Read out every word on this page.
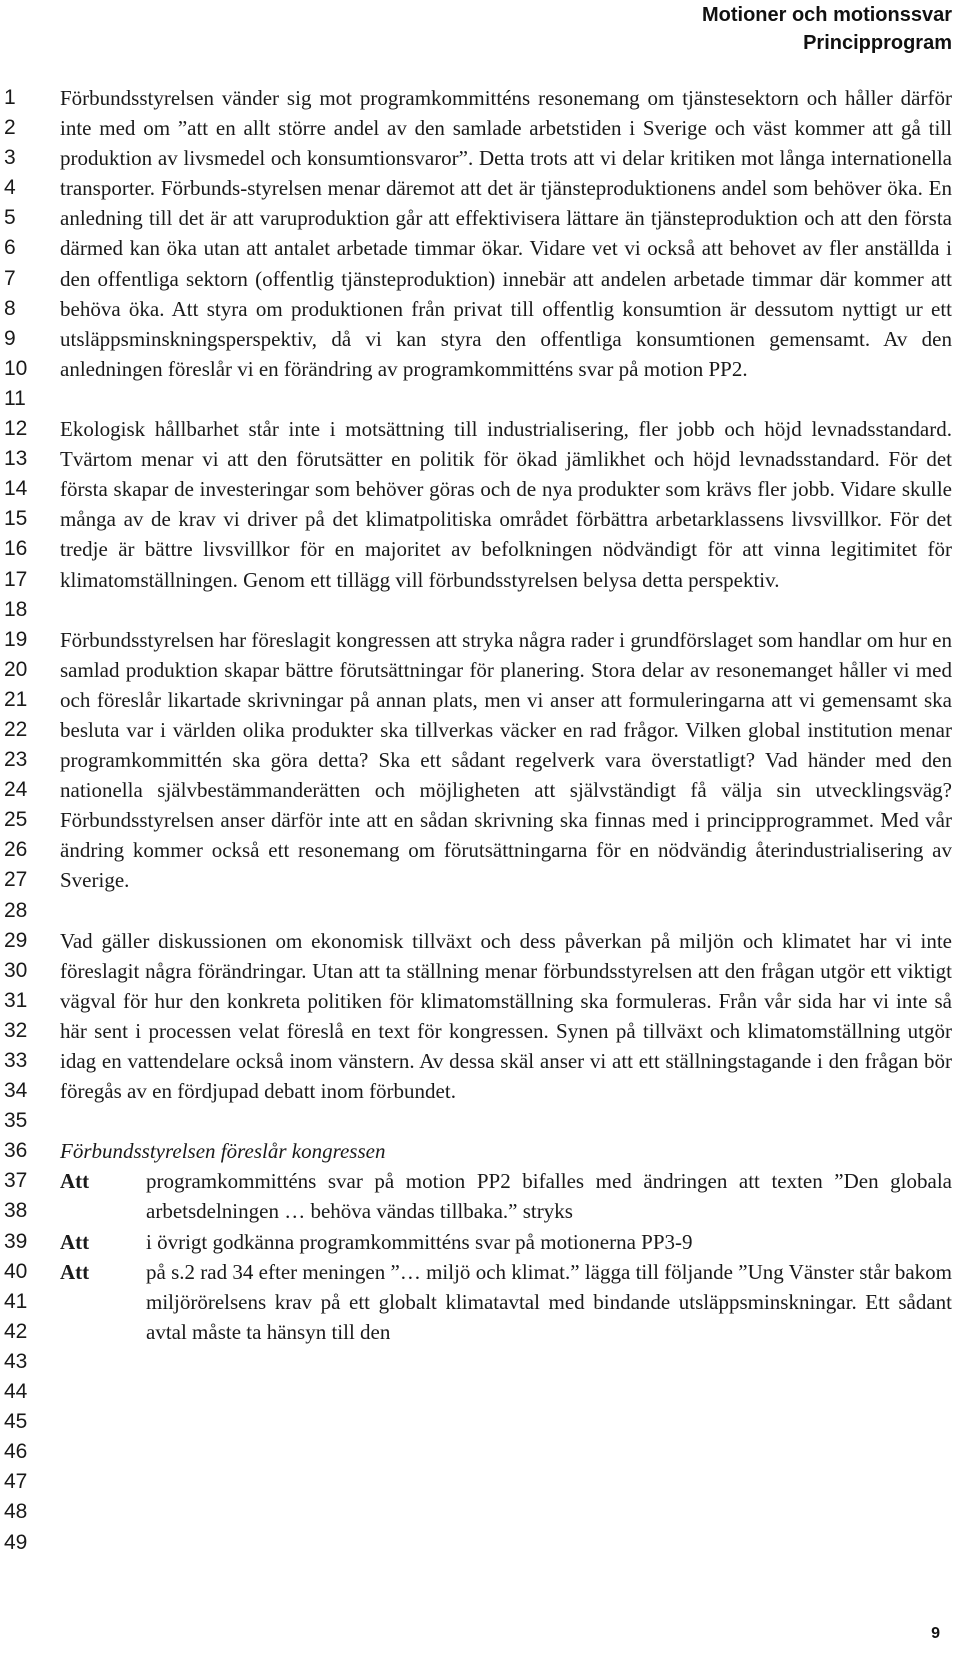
Motioner och motionssvar
Principprogram
1
2
3
4
5
6
7
8
9
10
11
12
13
14
15
16
17
18
19
20
21
22
23
24
25
26
27
28
29
30
31
32
33
34
35
36
37
38
39
40
41
42
43
44
45
46
47
48
49

Förbundsstyrelsen vänder sig mot programkommitténs resonemang om tjänstesektorn och håller därför inte med om ”att en allt större andel av den samlade arbetstiden i Sverige och väst kommer att gå till produktion av livsmedel och konsumtionsvaror”. Detta trots att vi delar kritiken mot långa internationella transporter. Förbunds-styrelsen menar däremot att det är tjänsteproduktionens andel som behöver öka. En anledning till det är att varuproduktion går att effektivisera lättare än tjänsteproduktion och att den första därmed kan öka utan att antalet arbetade timmar ökar. Vidare vet vi också att behovet av fler anställda i den offentliga sektorn (offentlig tjänsteproduktion) innebär att andelen arbetade timmar där kommer att behöva öka. Att styra om produktionen från privat till offentlig konsumtion är dessutom nyttigt ur ett utsläppsminskningsperspektiv, då vi kan styra den offentliga konsumtionen gemensamt. Av den anledningen föreslår vi en förändring av programkommitténs svar på motion PP2.

Ekologisk hållbarhet står inte i motsättning till industrialisering, fler jobb och höjd levnadsstandard. Tvärtom menar vi att den förutsätter en politik för ökad jämlikhet och höjd levnadsstandard. För det första skapar de investeringar som behöver göras och de nya produkter som krävs fler jobb. Vidare skulle många av de krav vi driver på det klimatpolitiska området förbättra arbetarklassens livsvillkor. För det tredje är bättre livsvillkor för en majoritet av befolkningen nödvändigt för att vinna legitimitet för klimatomställningen. Genom ett tillägg vill förbundsstyrelsen belysa detta perspektiv.

Förbundsstyrelsen har föreslagit kongressen att stryka några rader i grundförslaget som handlar om hur en samlad produktion skapar bättre förutsättningar för planering. Stora delar av resonemanget håller vi med och föreslår likartade skrivningar på annan plats, men vi anser att formuleringarna att vi gemensamt ska besluta var i världen olika produkter ska tillverkas väcker en rad frågor. Vilken global institution menar programkommittén ska göra detta? Ska ett sådant regelverk vara överstatligt? Vad händer med den nationella självbestämmanderätten och möjligheten att självständigt få välja sin utvecklingsväg? Förbundsstyrelsen anser därför inte att en sådan skrivning ska finnas med i principprogrammet. Med vår ändring kommer också ett resonemang om förutsättningarna för en nödvändig återindustrialisering av Sverige.

Vad gäller diskussionen om ekonomisk tillväxt och dess påverkan på miljön och klimatet har vi inte föreslagit några förändringar. Utan att ta ställning menar förbundsstyrelsen att den frågan utgör ett viktigt vägval för hur den konkreta politiken för klimatomställning ska formuleras. Från vår sida har vi inte så här sent i processen velat föreslå en text för kongressen. Synen på tillväxt och klimatomställning utgör idag en vattendelare också inom vänstern. Av dessa skäl anser vi att ett ställningstagande i den frågan bör föregås av en fördjupad debatt inom förbundet.

Förbundsstyrelsen föreslår kongressen
Att	programkommitténs svar på motion PP2 bifalles med ändringen att texten ”Den globala arbetsdelningen … behöva vändas tillbaka.” stryks
Att	i övrigt godkänna programkommitténs svar på motionerna PP3-9
Att	på s.2 rad 34 efter meningen ”… miljö och klimat.” lägga till följande ”Ung Vänster står bakom miljörörelsens krav på ett globalt klimatavtal med bindande utsläppsminskningar. Ett sådant avtal måste ta hänsyn till den
9
